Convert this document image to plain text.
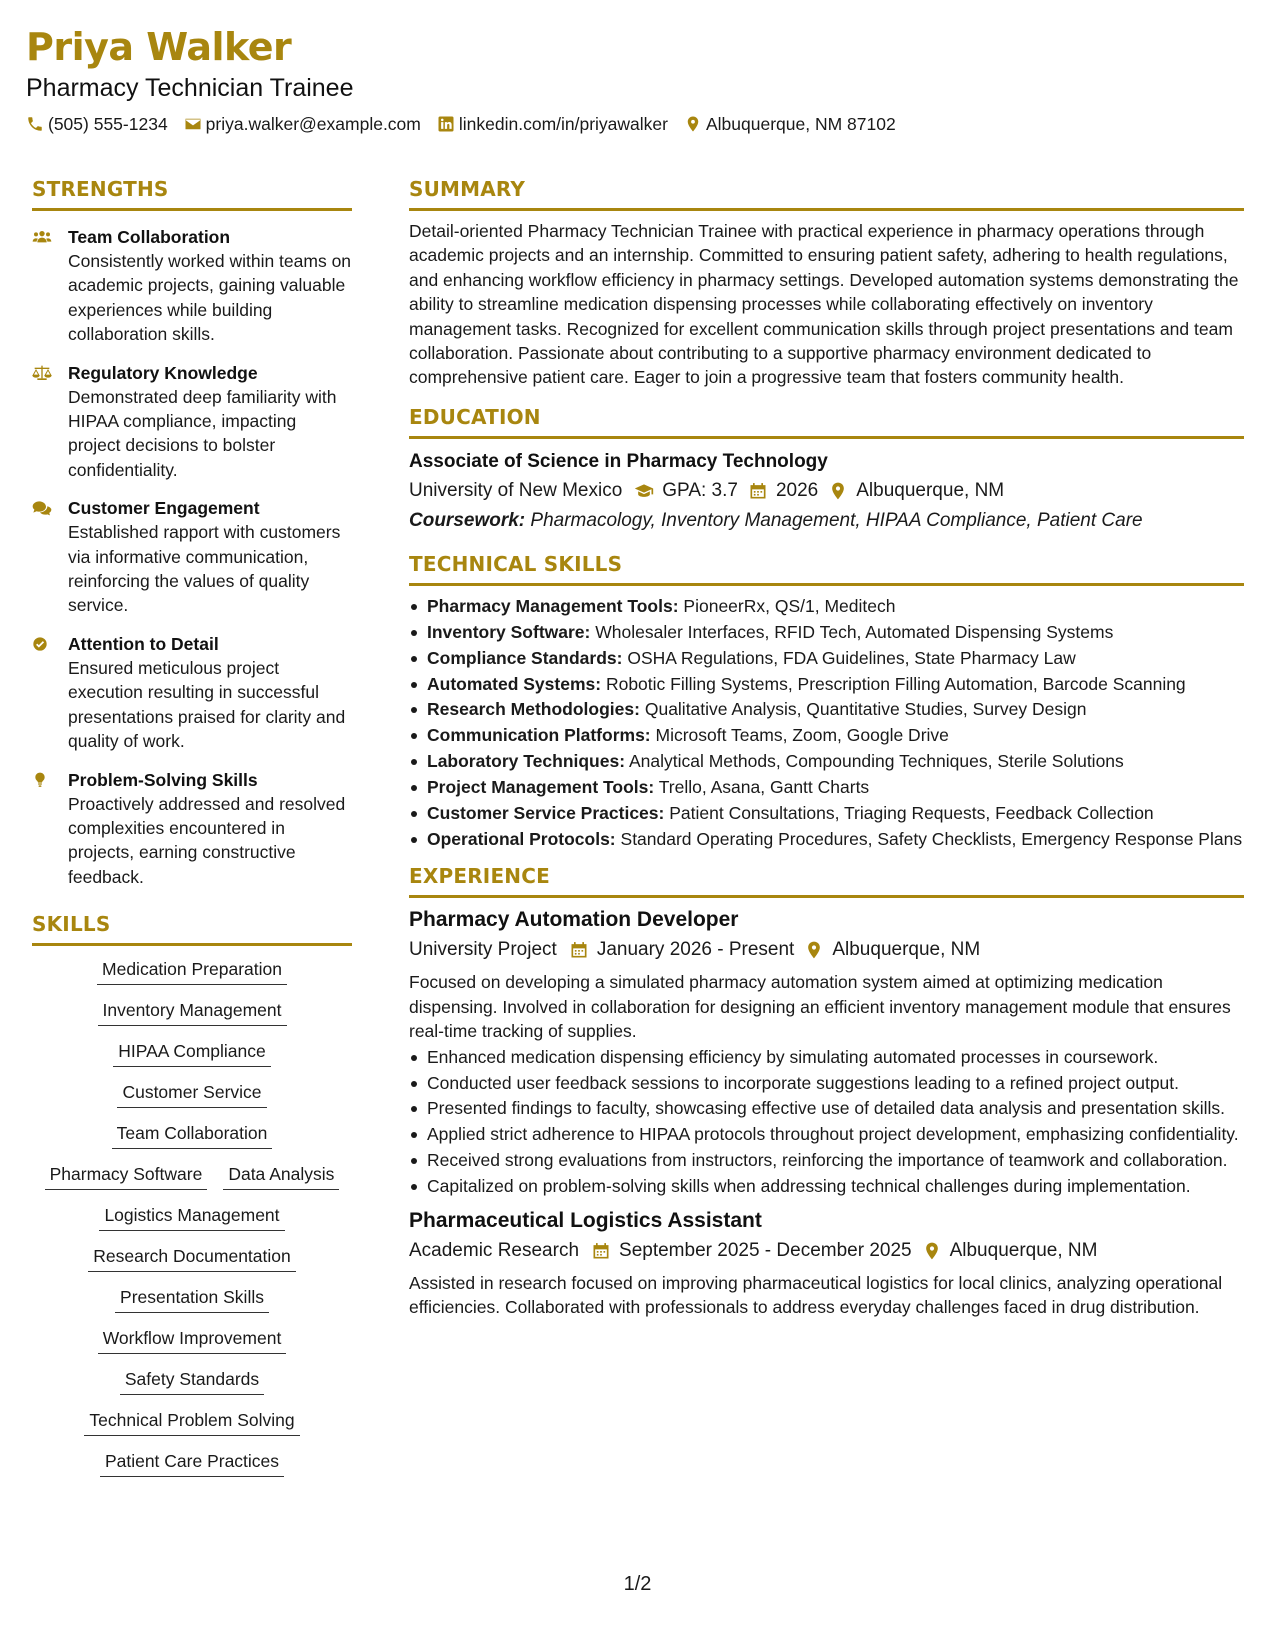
Priya Walker
Pharmacy Technician Trainee
(505) 555-1234 priya.walker@example.com linkedin.com/in/priyawalker Albuquerque, NM 87102
STRENGTHS
Team Collaboration
Consistently worked within teams on academic projects, gaining valuable experiences while building collaboration skills.
Regulatory Knowledge
Demonstrated deep familiarity with HIPAA compliance, impacting project decisions to bolster confidentiality.
Customer Engagement
Established rapport with customers via informative communication, reinforcing the values of quality service.
Attention to Detail
Ensured meticulous project execution resulting in successful presentations praised for clarity and quality of work.
Problem-Solving Skills
Proactively addressed and resolved complexities encountered in projects, earning constructive feedback.
SKILLS
Medication Preparation
Inventory Management
HIPAA Compliance
Customer Service
Team Collaboration
Pharmacy Software Data Analysis
Logistics Management
Research Documentation
Presentation Skills
Workflow Improvement
Safety Standards
Technical Problem Solving
Patient Care Practices
SUMMARY
Detail-oriented Pharmacy Technician Trainee with practical experience in pharmacy operations through academic projects and an internship. Committed to ensuring patient safety, adhering to health regulations, and enhancing workflow efficiency in pharmacy settings. Developed automation systems demonstrating the ability to streamline medication dispensing processes while collaborating effectively on inventory management tasks. Recognized for excellent communication skills through project presentations and team collaboration. Passionate about contributing to a supportive pharmacy environment dedicated to comprehensive patient care. Eager to join a progressive team that fosters community health.
EDUCATION
Associate of Science in Pharmacy Technology
University of New Mexico GPA: 3.7 2026 Albuquerque, NM
Coursework: Pharmacology, Inventory Management, HIPAA Compliance, Patient Care
TECHNICAL SKILLS
Pharmacy Management Tools: PioneerRx, QS/1, Meditech
Inventory Software: Wholesaler Interfaces, RFID Tech, Automated Dispensing Systems
Compliance Standards: OSHA Regulations, FDA Guidelines, State Pharmacy Law
Automated Systems: Robotic Filling Systems, Prescription Filling Automation, Barcode Scanning
Research Methodologies: Qualitative Analysis, Quantitative Studies, Survey Design
Communication Platforms: Microsoft Teams, Zoom, Google Drive
Laboratory Techniques: Analytical Methods, Compounding Techniques, Sterile Solutions
Project Management Tools: Trello, Asana, Gantt Charts
Customer Service Practices: Patient Consultations, Triaging Requests, Feedback Collection
Operational Protocols: Standard Operating Procedures, Safety Checklists, Emergency Response Plans
EXPERIENCE
Pharmacy Automation Developer
University Project January 2026 - Present Albuquerque, NM
Focused on developing a simulated pharmacy automation system aimed at optimizing medication dispensing. Involved in collaboration for designing an efficient inventory management module that ensures real-time tracking of supplies.
Enhanced medication dispensing efficiency by simulating automated processes in coursework.
Conducted user feedback sessions to incorporate suggestions leading to a refined project output.
Presented findings to faculty, showcasing effective use of detailed data analysis and presentation skills.
Applied strict adherence to HIPAA protocols throughout project development, emphasizing confidentiality.
Received strong evaluations from instructors, reinforcing the importance of teamwork and collaboration.
Capitalized on problem-solving skills when addressing technical challenges during implementation.
Pharmaceutical Logistics Assistant
Academic Research September 2025 - December 2025 Albuquerque, NM
Assisted in research focused on improving pharmaceutical logistics for local clinics, analyzing operational efficiencies. Collaborated with professionals to address everyday challenges faced in drug distribution.
1/2
